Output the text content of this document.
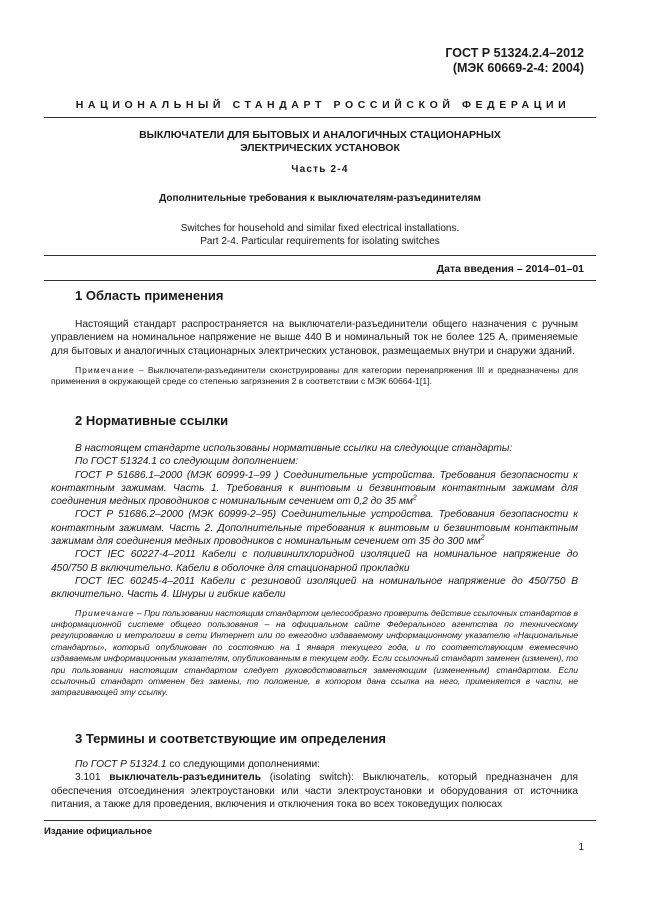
ГОСТ Р 51324.2.4–2012
(МЭК 60669-2-4: 2004)
НАЦИОНАЛЬНЫЙ СТАНДАРТ РОССИЙСКОЙ ФЕДЕРАЦИИ
ВЫКЛЮЧАТЕЛИ ДЛЯ БЫТОВЫХ И АНАЛОГИЧНЫХ СТАЦИОНАРНЫХ
ЭЛЕКТРИЧЕСКИХ УСТАНОВОК
Часть 2-4
Дополнительные требования к выключателям-разъединителям
Switches for household and similar fixed electrical installations.
Part 2-4. Particular requirements for isolating switches
Дата введения – 2014–01–01
1 Область применения

Настоящий стандарт распространяется на выключатели-разъединители общего назначения с ручным управлением на номинальное напряжение не выше 440 В и номинальный ток не более 125 А, применяемые для бытовых и аналогичных стационарных электрических установок, размещаемых внутри и снаружи зданий.

Примечание – Выключатели-разъединители сконструированы для категории перенапряжения III и предназначены для применения в окружающей среде со степенью загрязнения 2 в соответствии с МЭК 60664-1[1].

2 Нормативные ссылки

В настоящем стандарте использованы нормативные ссылки на следующие стандарты:

По ГОСТ 51324.1 со следующим дополнением:

ГОСТ Р 51686.1–2000 (МЭК 60999-1–99 ) Соединительные устройства. Требования безопасности к контактным зажимам. Часть 1. Требования к винтовым и безвинтовым контактным зажимам для соединения медных проводников с номинальным сечением от 0,2 до 35 $мм^2$

ГОСТ Р 51686.2–2000 (МЭК 60999-2–95) Соединительные устройства. Требования безопасности к контактным зажимам. Часть 2. Дополнительные требования к винтовым и безвинтовым контактным зажимам для соединения медных проводников с номинальным сечением от 35 до 300 $мм^2$

ГОСТ IEC 60227-4–2011 Кабели с поливинилхлоридной изоляцией на номинальное напряжение до 450/750 В включительно. Кабели в оболочке для стационарной прокладки

ГОСТ IEC 60245-4–2011 Кабели с резиновой изоляцией на номинальное напряжение до 450/750 В включительно. Часть 4. Шнуры и гибкие кабели

Примечание – При пользовании настоящим стандартом целесообразно проверить действие ссылочных стандартов в информационной системе общего пользования – на официальном сайте Федерального агентства по техническому регулированию и метрологии в сети Интернет или по ежегодно издаваемому информационному указателю «Национальные стандарты», который опубликован по состоянию на 1 января текущего года, и по соответствующим ежемесячно издаваемым информационным указателям, опубликованным в текущем году. Если ссылочный стандарт заменен (изменен), то при пользовании настоящим стандартом следует руководствоваться заменяющим (измененным) стандартом. Если ссылочный стандарт отменен без замены, то положение, в котором дана ссылка на него, применяется в части, не затрагивающей эту ссылку.

3 Термины и соответствующие им определения

По ГОСТ Р 51324.1 со следующими дополнениями:

3.101 выключатель-разъединитель (isolating switch): Выключатель, который предназначен для обеспечения отсоединения электроустановки или части электроустановки и оборудования от источника питания, а также для проведения, включения и отключения тока во всех токоведущих полюсах

Издание официальное
1
